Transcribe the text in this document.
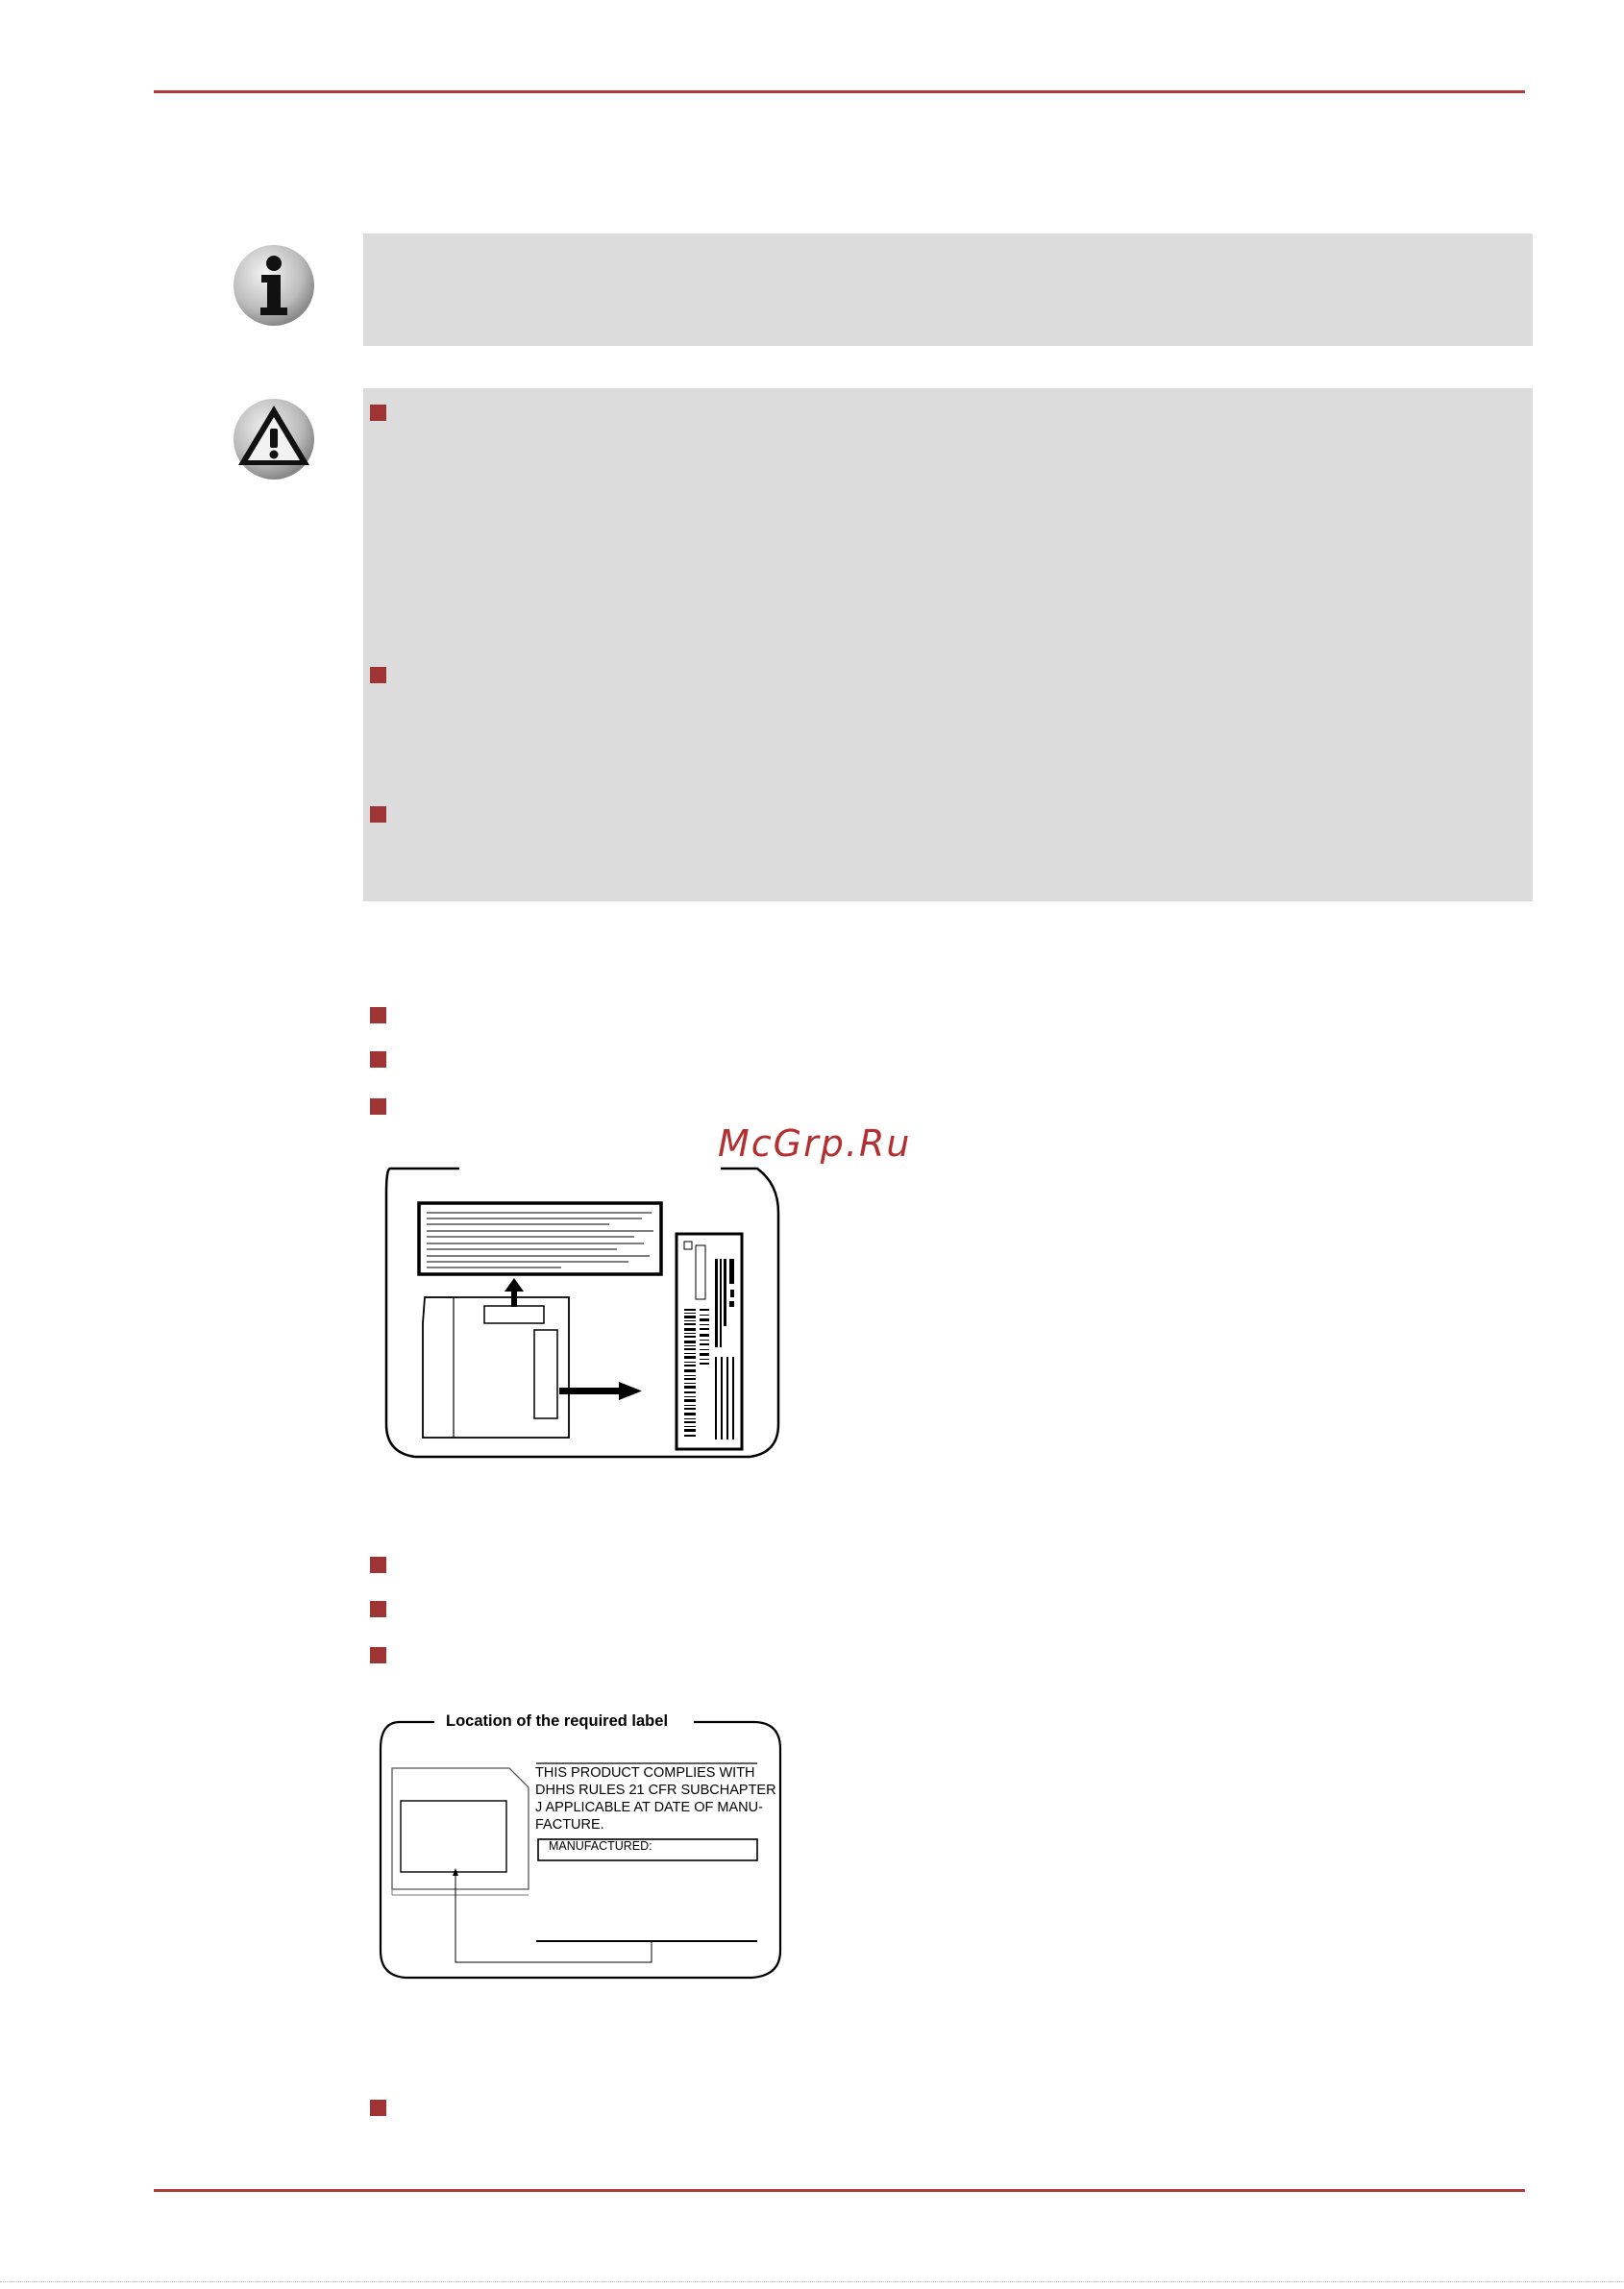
McGrp.Ru
Location of the required label
THIS PRODUCT COMPLIES WITH
DHHS RULES 21 CFR SUBCHAPTER
J APPLICABLE AT DATE OF MANU-
FACTURE.
MANUFACTURED:
